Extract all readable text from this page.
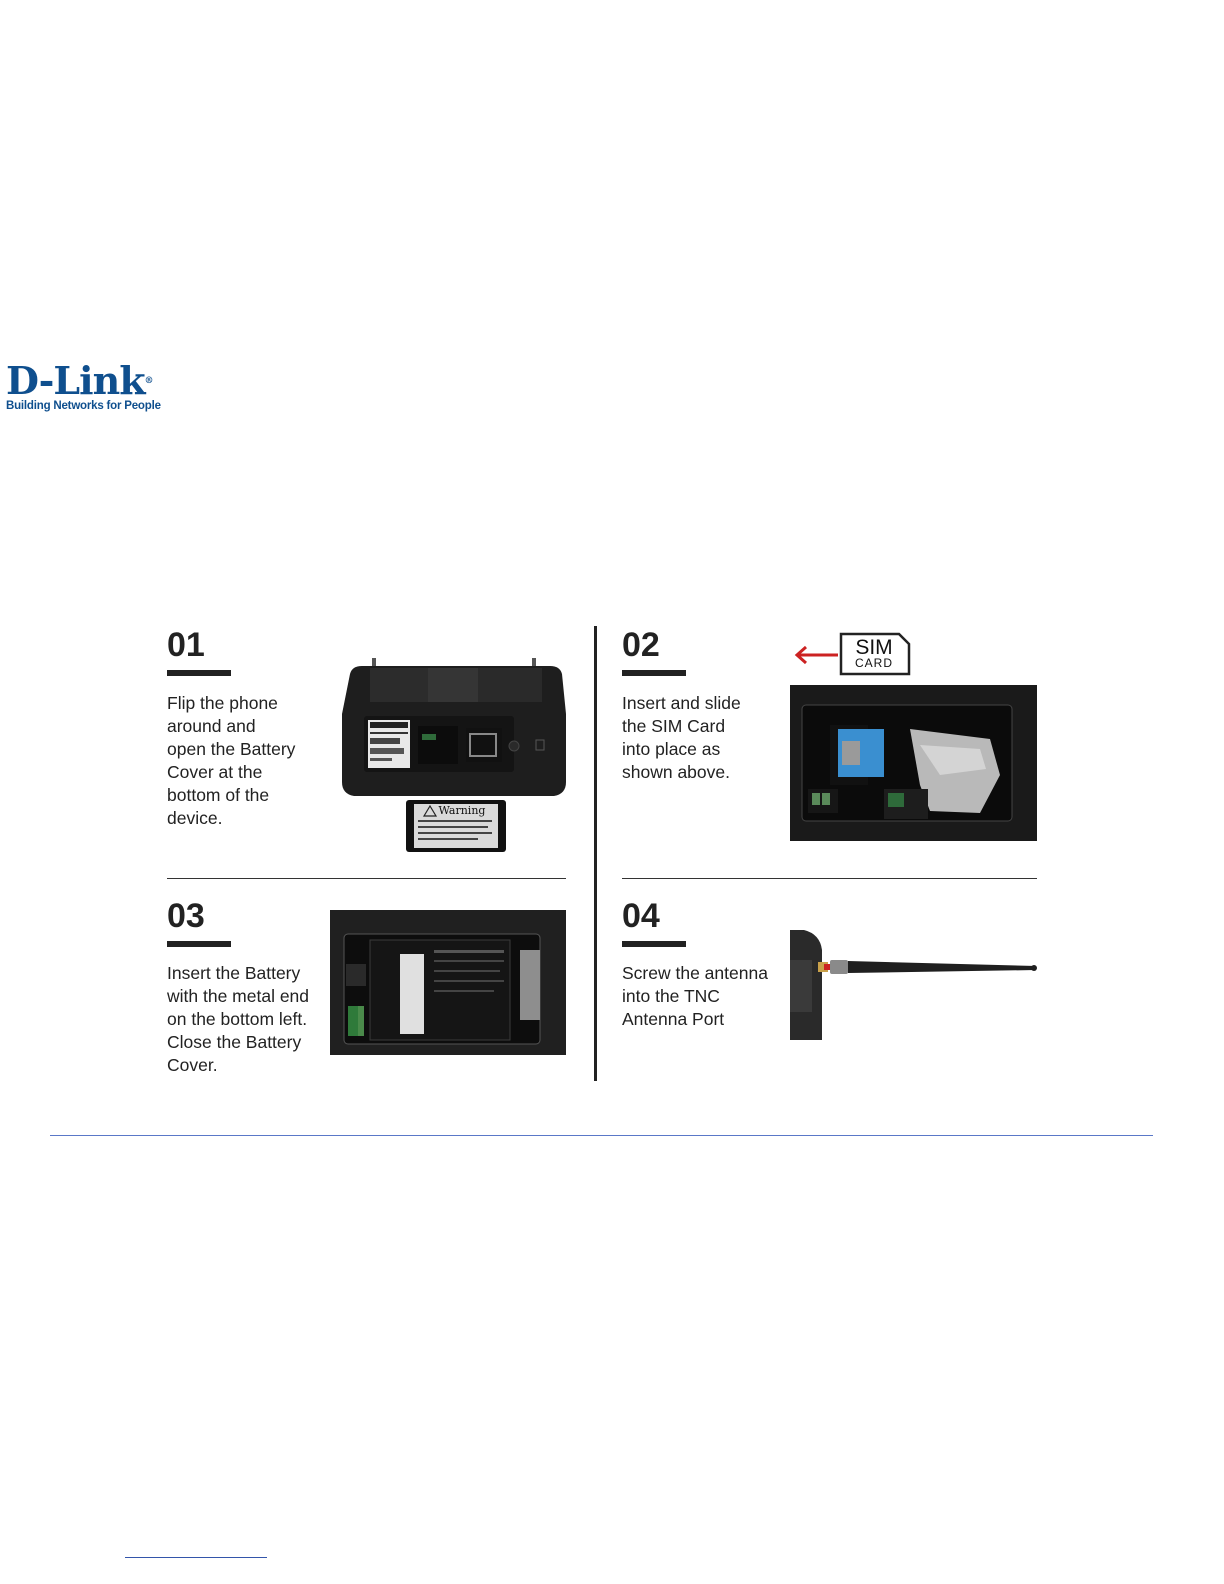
D-Link®
Building Networks for People
01
Flip the phone
around and
open the Battery
Cover at the
bottom of the
device.	Warning
02
Insert and slide
the SIM Card
into place as
shown above.
SIM
CARD
03
Insert the Battery
with the metal end
on the bottom left.
Close the Battery
Cover.
04
Screw the antenna
into the TNC
Antenna Port
